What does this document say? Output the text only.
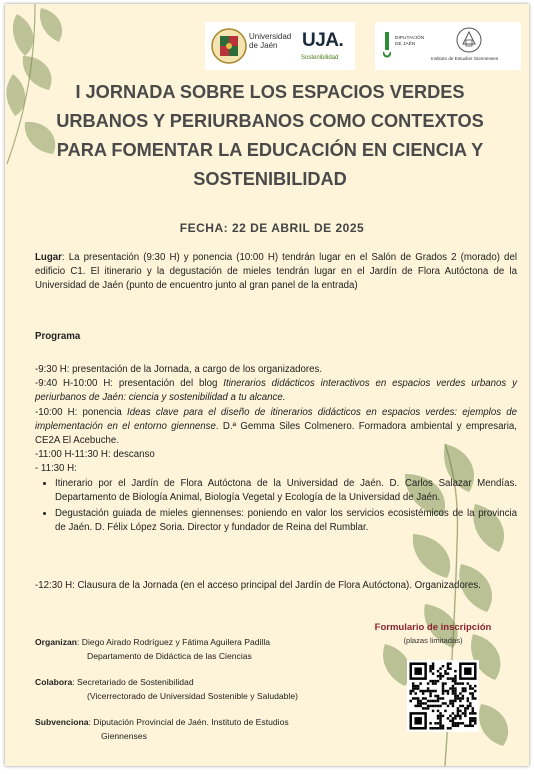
Universidad
de Jaén	UJA.
Sostenibilidad
DIPUTACIÓN
DE JAÉN
Instituto de Estudios Giennenses
I JORNADA SOBRE LOS ESPACIOS VERDES URBANOS Y PERIURBANOS COMO CONTEXTOS PARA FOMENTAR LA EDUCACIÓN EN CIENCIA Y SOSTENIBILIDAD
FECHA: 22 DE ABRIL DE 2025
Lugar: La presentación (9:30 H) y ponencia (10:00 H) tendrán lugar en el Salón de Grados 2 (morado) del edificio C1. El itinerario y la degustación de mieles tendrán lugar en el Jardín de Flora Autóctona de la Universidad de Jaén (punto de encuentro junto al gran panel de la entrada)
Programa

-9:30 H: presentación de la Jornada, a cargo de los organizadores.

-9:40 H-10:00 H: presentación del blog Itinerarios didácticos interactivos en espacios verdes urbanos y periurbanos de Jaén: ciencia y sostenibilidad a tu alcance.

-10:00 H: ponencia Ideas clave para el diseño de itinerarios didácticos en espacios verdes: ejemplos de implementación en el entorno giennense. D.ª Gemma Siles Colmenero. Formadora ambiental y empresaria, CE2A El Acebuche.

-11:00 H-11:30 H: descanso

- 11:30 H:

• Itinerario por el Jardín de Flora Autóctona de la Universidad de Jaén. D. Carlos Salazar Mendías. Departamento de Biología Animal, Biología Vegetal y Ecología de la Universidad de Jaén.
• Degustación guiada de mieles giennenses: poniendo en valor los servicios ecosistémicos de la provincia de Jaén. D. Félix López Soria. Director y fundador de Reina del Rumblar.
-12:30 H: Clausura de la Jornada (en el acceso principal del Jardín de Flora Autóctona). Organizadores.
Organizan: Diego Airado Rodríguez y Fátima Aguilera Padilla
Departamento de Didáctica de las Ciencias
Colabora: Secretariado de Sostenibilidad
(Vicerrectorado de Universidad Sostenible y Saludable)
Subvenciona: Diputación Provincial de Jaén. Instituto de Estudios
Giennenses
Formulario de inscripción
(plazas limitadas)
